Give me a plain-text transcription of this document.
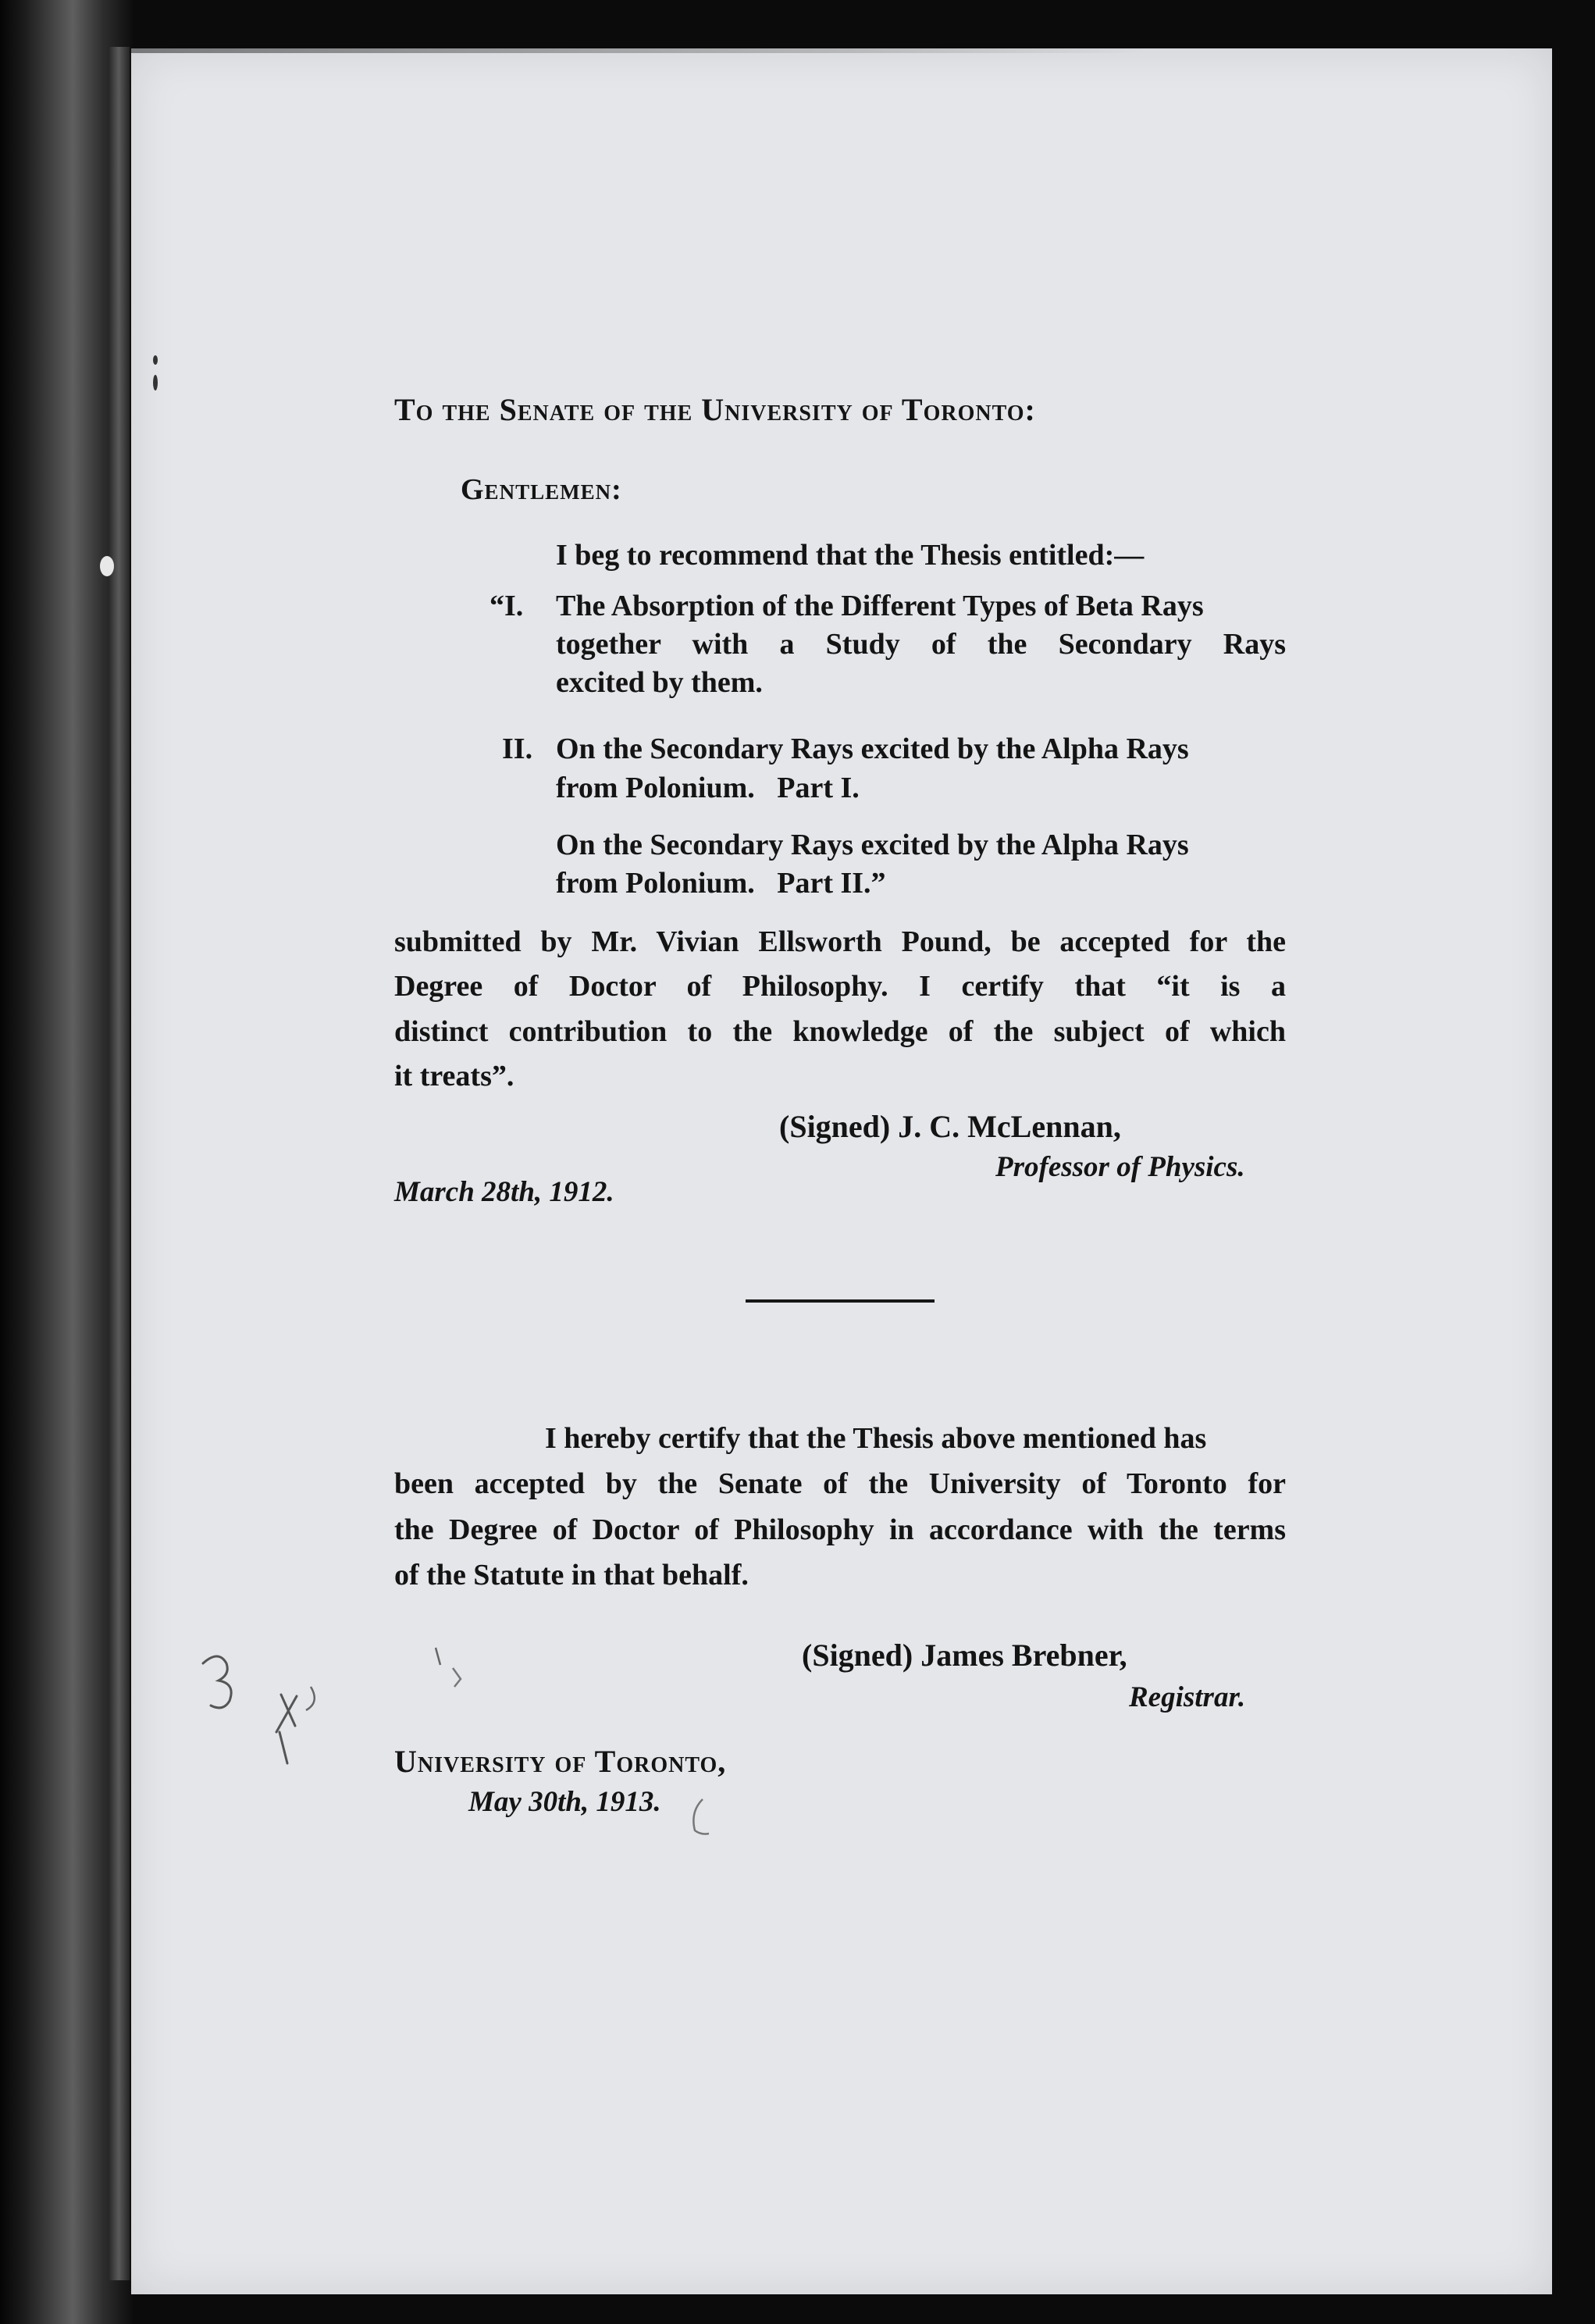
To the Senate of the University of Toronto:
Gentlemen:
I beg to recommend that the Thesis entitled:—
“I. The Absorption of the Different Types of Beta Rays
together with a Study of the Secondary Rays
excited by them.
II. On the Secondary Rays excited by the Alpha Rays
from Polonium.   Part I.
On the Secondary Rays excited by the Alpha Rays
from Polonium.   Part II.”
submitted by Mr. Vivian Ellsworth Pound, be accepted for the
Degree of Doctor of Philosophy. I certify that “it is a
distinct contribution to the knowledge of the subject of which
it treats”.
(Signed) J. C. McLennan,
Professor of Physics.
March 28th, 1912.
I hereby certify that the Thesis above mentioned has
been accepted by the Senate of the University of Toronto for
the Degree of Doctor of Philosophy in accordance with the terms
of the Statute in that behalf.
(Signed) James Brebner,
Registrar.
University of Toronto,
May 30th, 1913.
